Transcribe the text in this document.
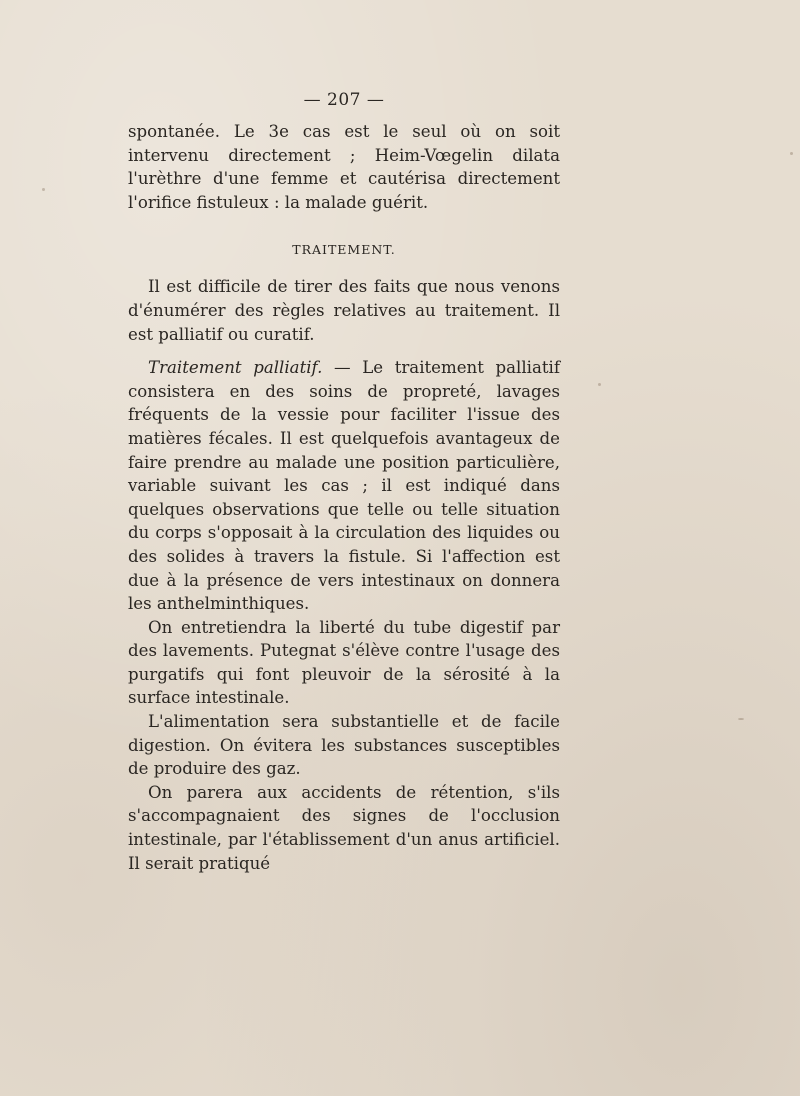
— 207 —

spontanée. Le 3e cas est le seul où on soit intervenu directement ; Heim-Vœgelin dilata l'urèthre d'une femme et cautérisa directement l'orifice fistuleux : la malade guérit.

TRAITEMENT.

Il est difficile de tirer des faits que nous venons d'énumérer des règles relatives au traitement. Il est palliatif ou curatif.

Traitement palliatif. — Le traitement palliatif consistera en des soins de propreté, lavages fréquents de la vessie pour faciliter l'issue des matières fécales. Il est quelquefois avantageux de faire prendre au malade une position particulière, variable suivant les cas ; il est indiqué dans quelques observations que telle ou telle situation du corps s'opposait à la circulation des liquides ou des solides à travers la fistule. Si l'affection est due à la présence de vers intestinaux on donnera les anthelminthiques.

On entretiendra la liberté du tube digestif par des lavements. Putegnat s'élève contre l'usage des purgatifs qui font pleuvoir de la sérosité à la surface intestinale.

L'alimentation sera substantielle et de facile digestion. On évitera les substances susceptibles de produire des gaz.

On parera aux accidents de rétention, s'ils s'accompagnaient des signes de l'occlusion intestinale, par l'établissement d'un anus artificiel. Il serait pratiqué
